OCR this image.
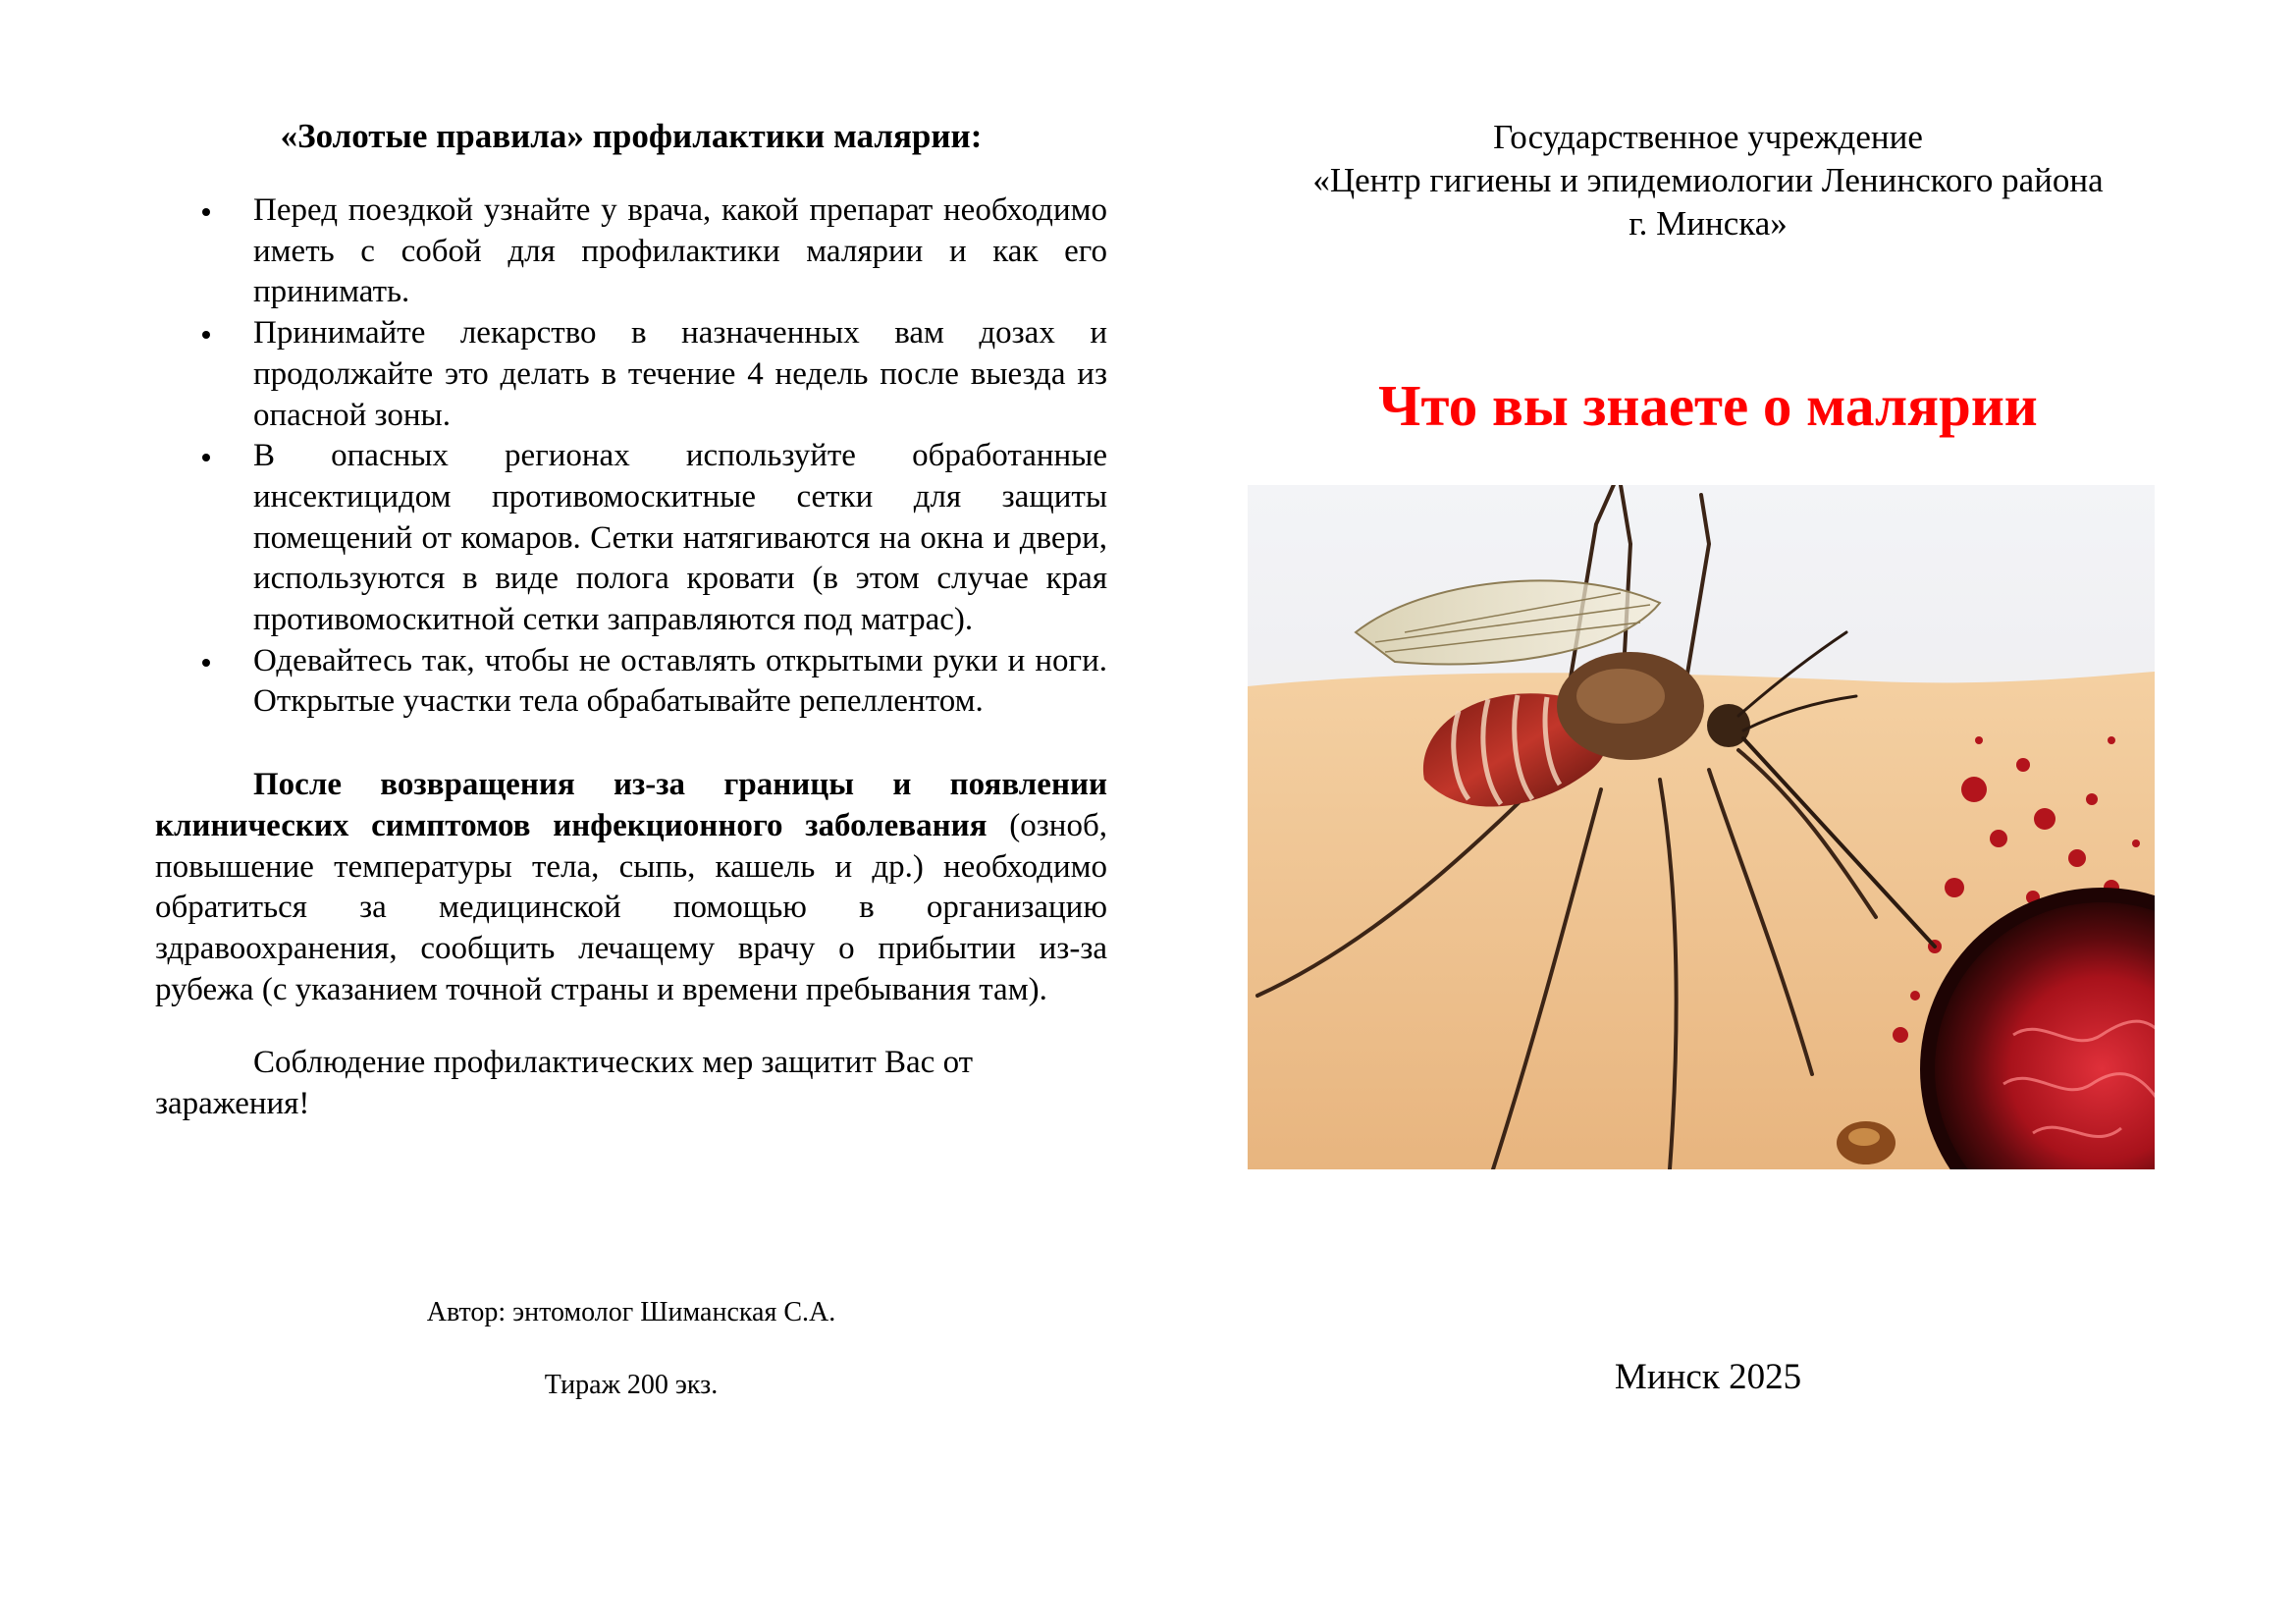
«Золотые правила» профилактики малярии:
Перед поездкой узнайте у врача, какой препарат необходимо иметь с собой для профилактики малярии и как его принимать.
Принимайте лекарство в назначенных вам дозах и продолжайте это делать в течение 4 недель после выезда из опасной зоны.
В опасных регионах используйте обработанные инсектицидом противомоскитные сетки для защиты помещений от комаров. Сетки натягиваются на окна и двери, используются в виде полога кровати (в этом случае края противомоскитной сетки заправляются под матрас).
Одевайтесь так, чтобы не оставлять открытыми руки и ноги. Открытые участки тела обрабатывайте репеллентом.

После возвращения из-за границы и появлении клинических симптомов инфекционного заболевания (озноб, повышение температуры тела, сыпь, кашель и др.) необходимо обратиться за медицинской помощью в организацию здравоохранения, сообщить лечащему врачу о прибытии из-за рубежа (с указанием точной страны и времени пребывания там).

Соблюдение профилактических мер защитит Вас от заражения!
Автор: энтомолог Шиманская С.А.
Тираж 200 экз.
Государственное учреждение
«Центр гигиены и эпидемиологии Ленинского района
г. Минска»
Что вы знаете о малярии
Минск 2025
